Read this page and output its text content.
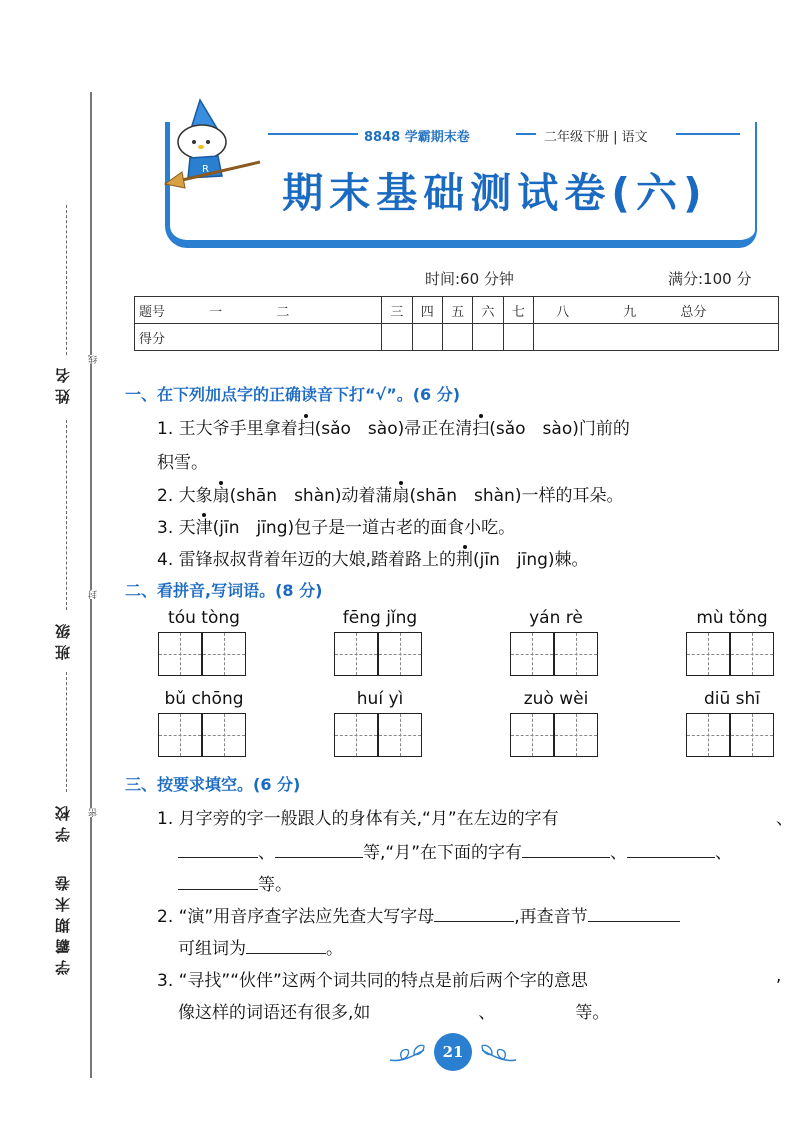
姓名
班级
学校
学霸期末卷
线
封
密
R
8848 学霸期末卷	二年级下册 | 语文
期末基础测试卷(六)
时间:60 分钟	满分:100 分
题号 一 二	三	四	五	六	七	八 九 总分
得分						
一、在下列加点字的正确读音下打“√”。(6 分)
1. 王大爷手里拿着扫(sǎo　sào)帚正在清扫(sǎo　sào)门前的
积雪。
2. 大象扇(shān　shàn)动着蒲扇(shān　shàn)一样的耳朵。
3. 天津(jīn　jīng)包子是一道古老的面食小吃。
4. 雷锋叔叔背着年迈的大娘,踏着路上的荆(jīn　jīng)棘。
二、看拼音,写词语。(8 分)
tóu tòng	fēng jǐng	yán rè	mù tǒng
bǔ chōng	huí yì	zuò wèi	diū shī
三、按要求填空。(6 分)
1. 月字旁的字一般跟人的身体有关,“月”在左边的字有	、
、	等,“月”在下面的字有	、	、
等。
2. “演”用音序查字法应先查大写字母	,再查音节
可组词为	。
3. “寻找”“伙伴”这两个词共同的特点是前后两个字的意思	,
像这样的词语还有很多,如	、	等。
21
